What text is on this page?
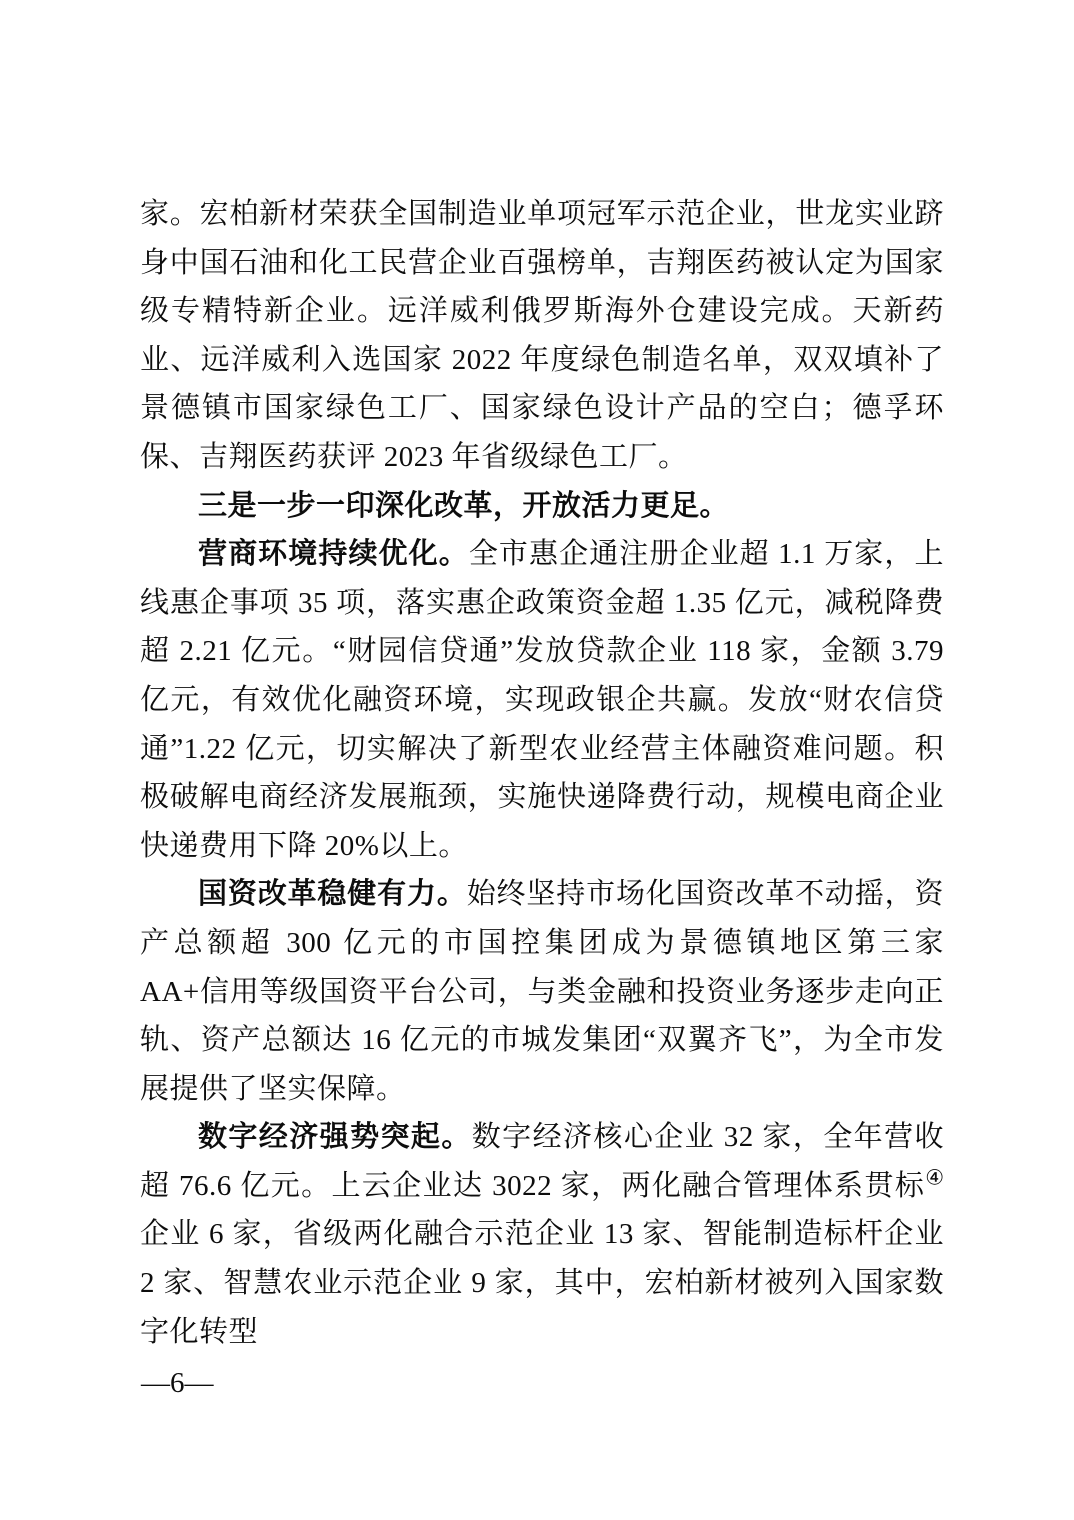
家。宏柏新材荣获全国制造业单项冠军示范企业，世龙实业跻身中国石油和化工民营企业百强榜单，吉翔医药被认定为国家级专精特新企业。远洋威利俄罗斯海外仓建设完成。天新药业、远洋威利入选国家 2022 年度绿色制造名单，双双填补了景德镇市国家绿色工厂、国家绿色设计产品的空白；德孚环保、吉翔医药获评 2023 年省级绿色工厂。

三是一步一印深化改革，开放活力更足。

营商环境持续优化。全市惠企通注册企业超 1.1 万家，上线惠企事项 35 项，落实惠企政策资金超 1.35 亿元，减税降费超 2.21 亿元。“财园信贷通”发放贷款企业 118 家，金额 3.79 亿元，有效优化融资环境，实现政银企共赢。发放“财农信贷通”1.22 亿元，切实解决了新型农业经营主体融资难问题。积极破解电商经济发展瓶颈，实施快递降费行动，规模电商企业快递费用下降 20%以上。

国资改革稳健有力。始终坚持市场化国资改革不动摇，资产总额超 300 亿元的市国控集团成为景德镇地区第三家 AA+信用等级国资平台公司，与类金融和投资业务逐步走向正轨、资产总额达 16 亿元的市城发集团“双翼齐飞”，为全市发展提供了坚实保障。

数字经济强势突起。数字经济核心企业 32 家，全年营收超 76.6 亿元。上云企业达 3022 家，两化融合管理体系贯标④企业 6 家，省级两化融合示范企业 13 家、智能制造标杆企业 2 家、智慧农业示范企业 9 家，其中，宏柏新材被列入国家数字化转型

—6—
